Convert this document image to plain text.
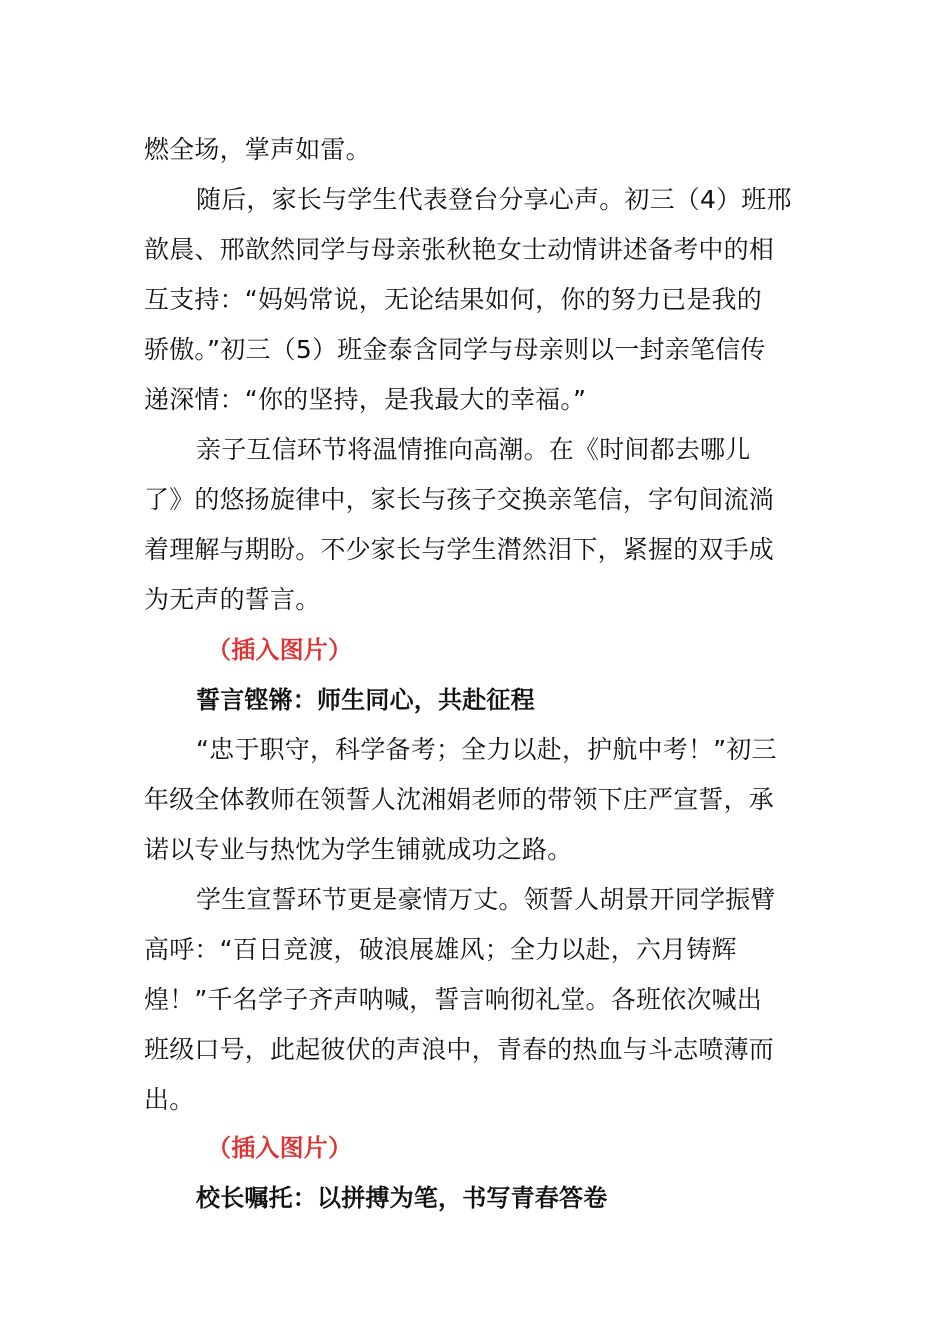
燃全场，掌声如雷。
随后，家长与学生代表登台分享心声。初三（4）班邢
歆晨、邢歆然同学与母亲张秋艳女士动情讲述备考中的相
互支持：“妈妈常说，无论结果如何，你的努力已是我的
骄傲。”初三（5）班金泰含同学与母亲则以一封亲笔信传
递深情：“你的坚持，是我最大的幸福。”
亲子互信环节将温情推向高潮。在《时间都去哪儿
了》的悠扬旋律中，家长与孩子交换亲笔信，字句间流淌
着理解与期盼。不少家长与学生潸然泪下，紧握的双手成
为无声的誓言。
（插入图片）
誓言铿锵：师生同心，共赴征程
“忠于职守，科学备考；全力以赴，护航中考！”初三
年级全体教师在领誓人沈湘娟老师的带领下庄严宣誓，承
诺以专业与热忱为学生铺就成功之路。
学生宣誓环节更是豪情万丈。领誓人胡景开同学振臂
高呼：“百日竞渡，破浪展雄风；全力以赴，六月铸辉
煌！”千名学子齐声呐喊，誓言响彻礼堂。各班依次喊出
班级口号，此起彼伏的声浪中，青春的热血与斗志喷薄而
出。
（插入图片）
校长嘱托：以拼搏为笔，书写青春答卷
